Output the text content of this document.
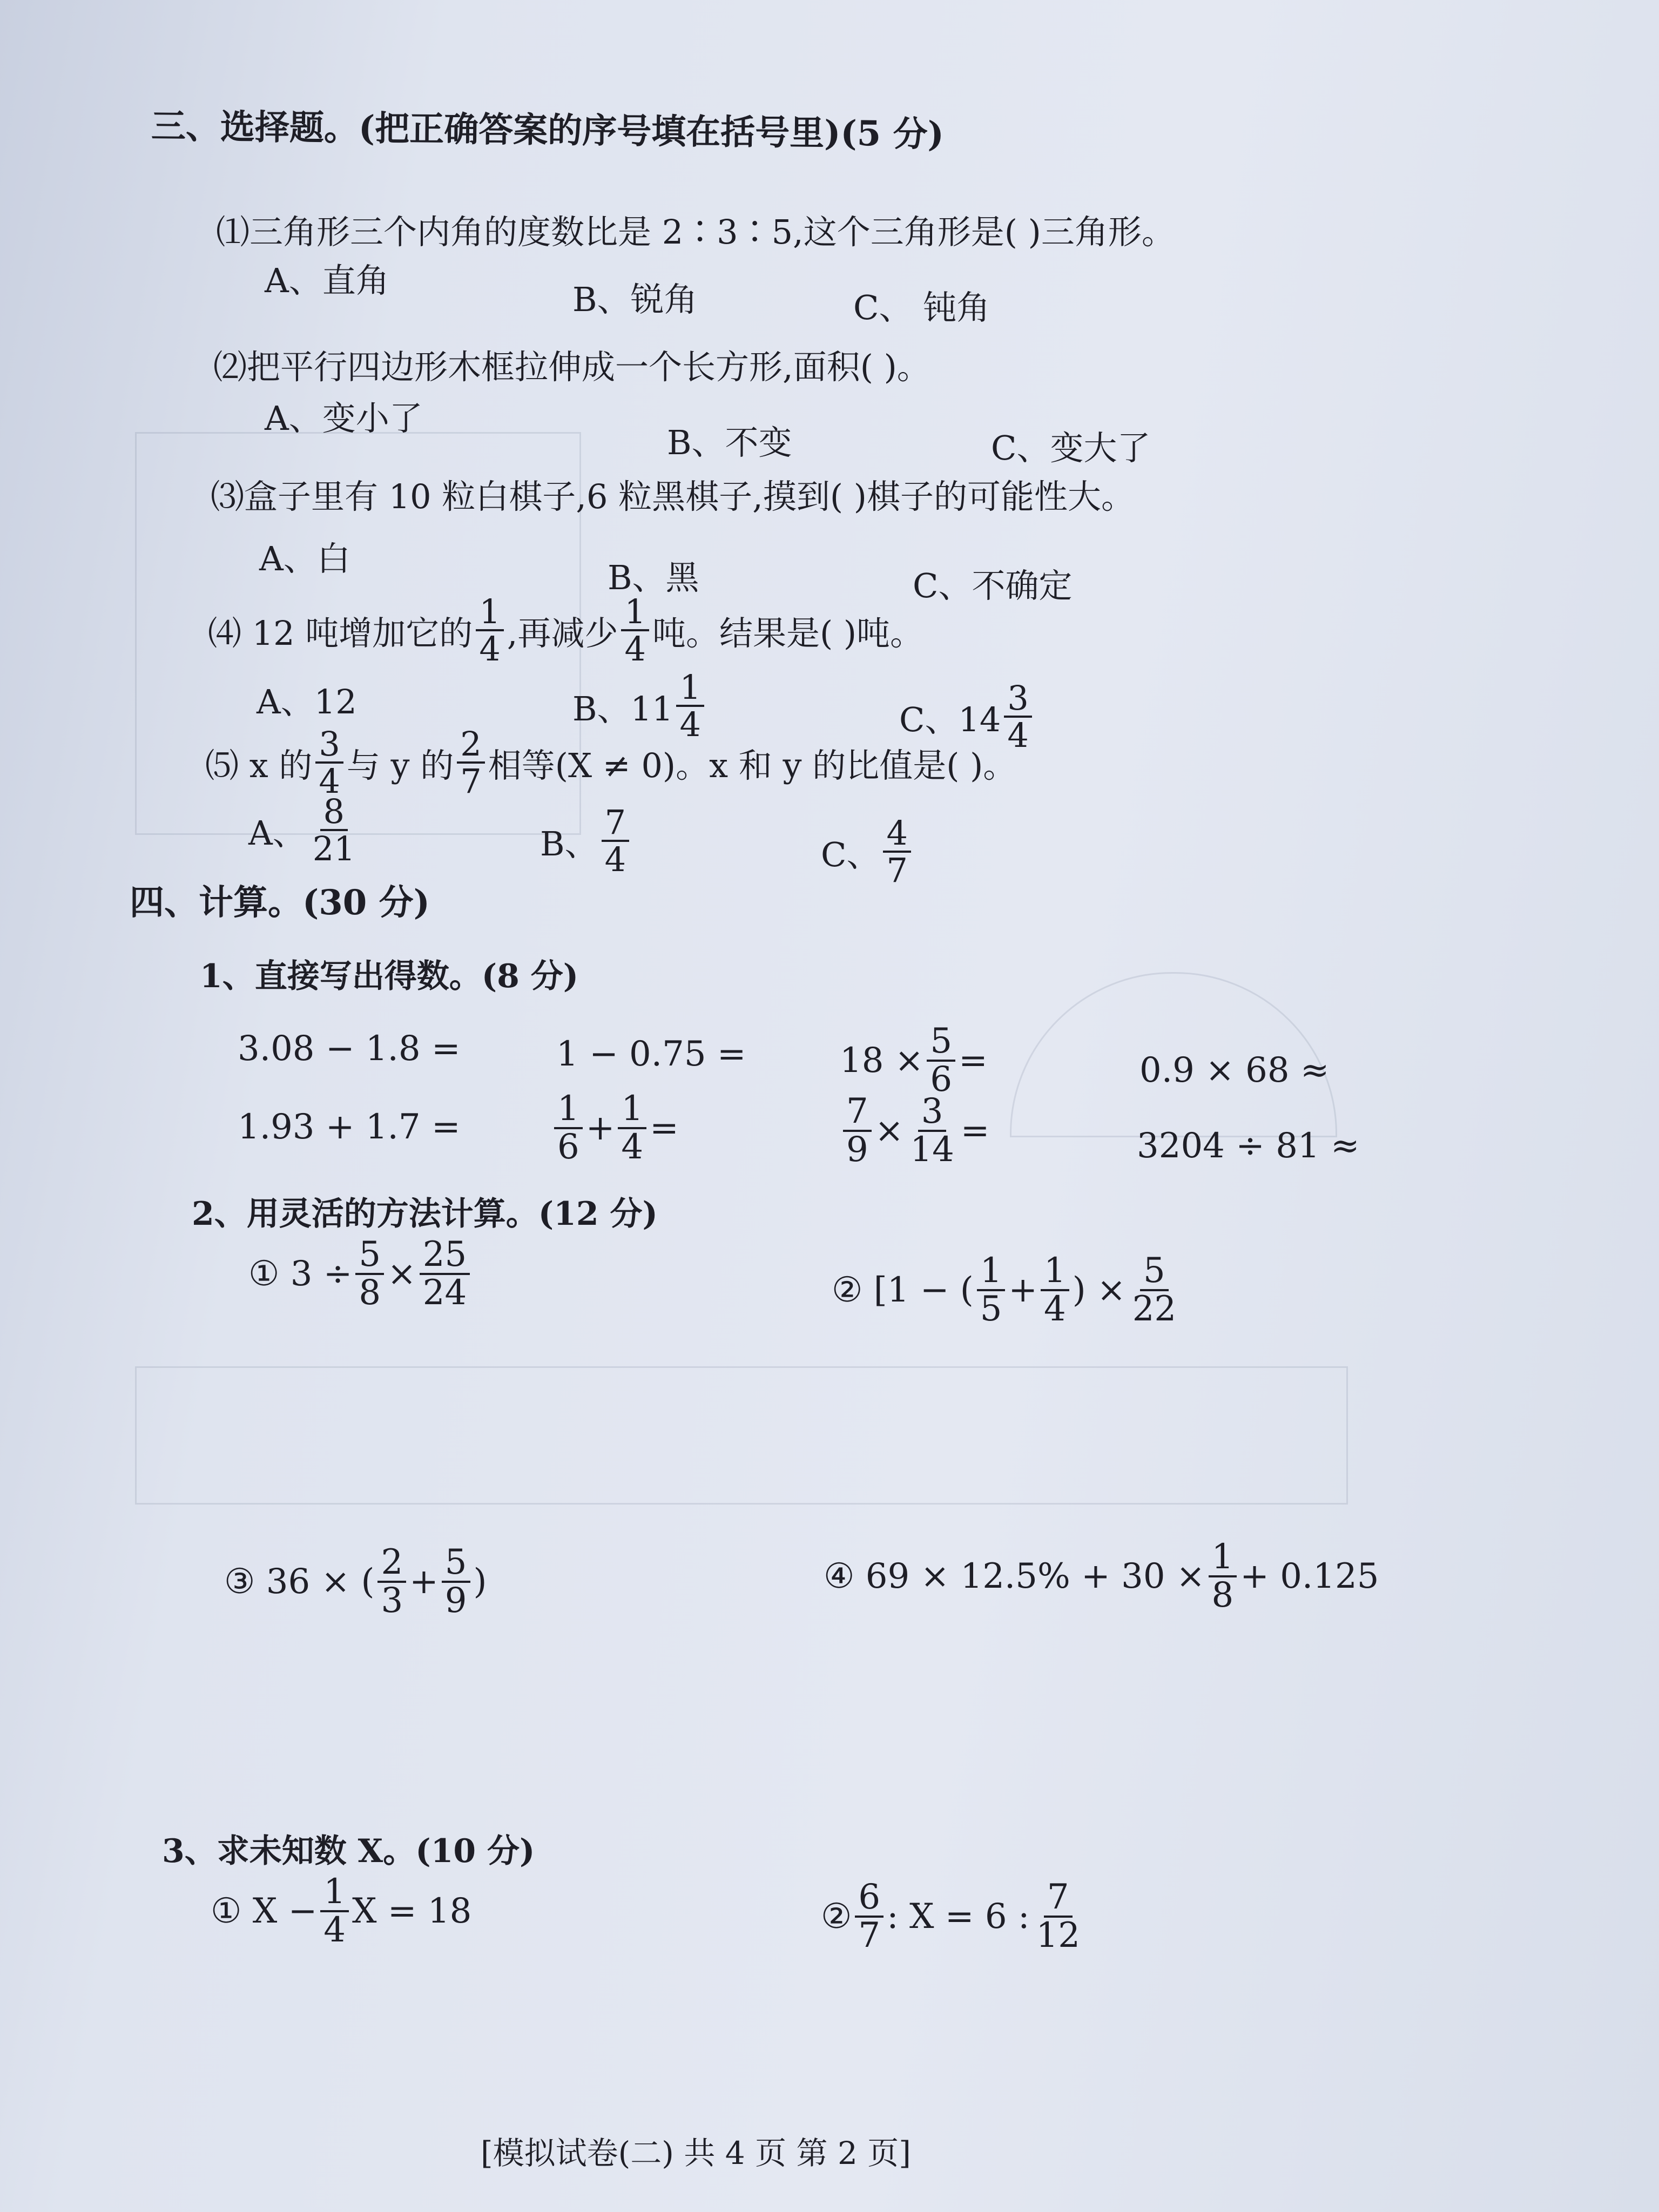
三、选择题。(把正确答案的序号填在括号里)(5 分)
⑴三角形三个内角的度数比是 2∶3∶5,这个三角形是( )三角形。
A、直角	B、锐角	C、 钝角
⑵把平行四边形木框拉伸成一个长方形,面积( )。
A、变小了
B、不变	C、变大了
⑶盒子里有 10 粒白棋子,6 粒黑棋子,摸到( )棋子的可能性大。
A、白	B、黑	C、不确定
⑷ 12 吨增加它的 $\frac{1}{4}$ ,再减少 $\frac{1}{4}$ 吨。结果是( )吨。
A、12	B、$11 \frac{1}{4}$	C、$14 \frac{3}{4}$
⑸ x 的 $\frac{3}{4}$ 与 y 的 $\frac{2}{7}$ 相等(X ≠ 0)。x 和 y 的比值是( )。
A、 $\frac{8}{21}$	B、 $\frac{7}{4}$	C、 $\frac{4}{7}$
四、计算。(30 分)
1、直接写出得数。(8 分)
3.08 − 1.8 =	1 − 0.75 =	$18 \times \frac{5}{6}$ =	0.9 × 68 ≈
1.93 + 1.7 =	$\frac{1}{6} + \frac{1}{4}$ =	$\frac{7}{9} \times \frac{3}{14}$ =	3204 ÷ 81 ≈
2、用灵活的方法计算。(12 分)
① $3 \div \frac{5}{8} \times \frac{25}{24}$	② [1 − ( $\frac{1}{5} + \frac{1}{4}$ ) × $\frac{5}{22}$
③ 36 × ( $\frac{2}{3} + \frac{5}{9}$ )	④ $69 \times 12.5\% + 30 \times \frac{1}{8} + 0.125$
3、求未知数 X。(10 分)
① $X - \frac{1}{4}$ X = 18	② $\frac{6}{7}$ : X = 6 : $\frac{7}{12}$
[模拟试卷(二) 共 4 页 第 2 页]
